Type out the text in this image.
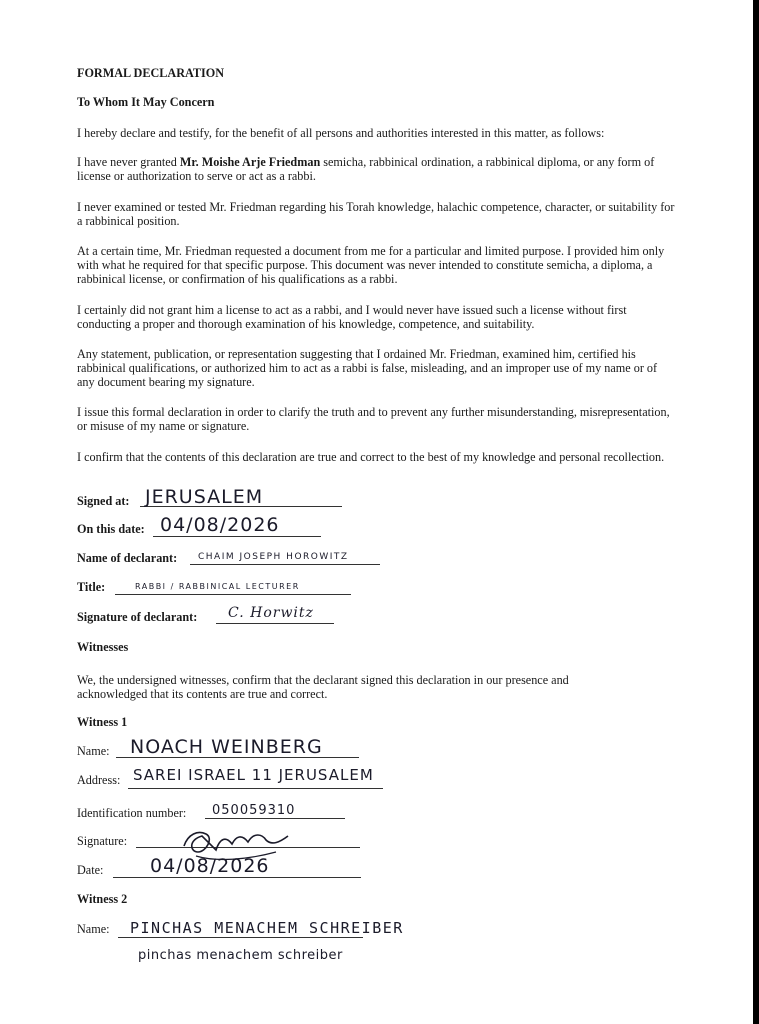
FORMAL DECLARATION
To Whom It May Concern
I hereby declare and testify, for the benefit of all persons and authorities interested in this matter, as follows:
I have never granted Mr. Moishe Arje Friedman semicha, rabbinical ordination, a rabbinical diploma, or any form of license or authorization to serve or act as a rabbi.
I never examined or tested Mr. Friedman regarding his Torah knowledge, halachic competence, character, or suitability for a rabbinical position.
At a certain time, Mr. Friedman requested a document from me for a particular and limited purpose. I provided him only with what he required for that specific purpose. This document was never intended to constitute semicha, a diploma, a rabbinical license, or confirmation of his qualifications as a rabbi.
I certainly did not grant him a license to act as a rabbi, and I would never have issued such a license without first conducting a proper and thorough examination of his knowledge, competence, and suitability.
Any statement, publication, or representation suggesting that I ordained Mr. Friedman, examined him, certified his rabbinical qualifications, or authorized him to act as a rabbi is false, misleading, and an improper use of my name or of any document bearing my signature.
I issue this formal declaration in order to clarify the truth and to prevent any further misunderstanding, misrepresentation, or misuse of my name or signature.
I confirm that the contents of this declaration are true and correct to the best of my knowledge and personal recollection.
Signed at: JERUSALEM
On this date: 04/08/2026
Name of declarant: CHAIM JOSEPH HOROWITZ
Title:	RABBI / RABBINICAL LECTURER
Signature of declarant: C. Horwitz
Witnesses
We, the undersigned witnesses, confirm that the declarant signed this declaration in our presence and acknowledged that its contents are true and correct.
Witness 1
Name: NOACH WEINBERG
Address: SAREI ISRAEL 11 JERUSALEM
Identification number: 050059310
Signature:
Date: 04/08/2026
Witness 2
Name: PINCHAS MENACHEM SCHREIBER
pinchas menachem schreiber
